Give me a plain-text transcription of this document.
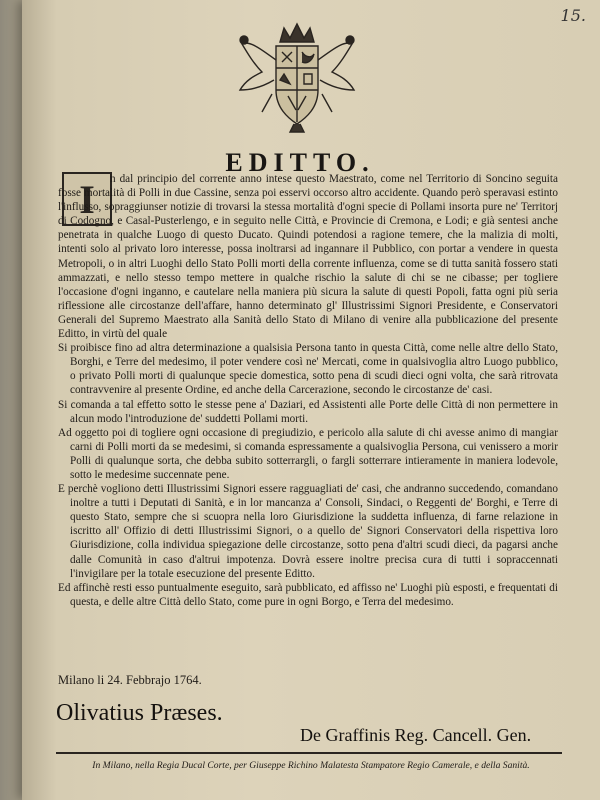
15.
EDITTO.
I	n dal principio del corrente anno intese questo Maestrato, come nel Territorio di Soncino seguita fosse mortalità di Polli in due Cassine, senza poi esservi occorso altro accidente. Quando però speravasi estinto l'influsso, sopraggiunser notizie di trovarsi la stessa mortalità d'ogni specie di Pollami insorta pure ne' Territorj di Codogno, e Casal-Pusterlengo, e in seguito nelle Città, e Provincie di Cremona, e Lodi; e già sentesi anche penetrata in qualche Luogo di questo Ducato. Quindi potendosi a ragione temere, che la malizia di molti, intenti solo al privato loro interesse, possa inoltrarsi ad ingannare il Pubblico, con portar a vendere in questa Metropoli, o in altri Luoghi dello Stato Polli morti della corrente influenza, come se di tutta sanità fossero stati ammazzati, e nello stesso tempo mettere in qualche rischio la salute di chi se ne cibasse; per togliere l'occasione d'ogni inganno, e cautelare nella maniera più sicura la salute di questi Popoli, fatta ogni più seria riflessione alle circostanze dell'affare, hanno determinato gl' Illustrissimi Signori Presidente, e Conservatori Generali del Supremo Maestrato alla Sanità dello Stato di Milano di venire alla pubblicazione del presente Editto, in virtù del quale

Si proibisce fino ad altra determinazione a qualsisia Persona tanto in questa Città, come nelle altre dello Stato, Borghi, e Terre del medesimo, il poter vendere così ne' Mercati, come in qualsivoglia altro Luogo pubblico, o privato Polli morti di qualunque specie domestica, sotto pena di scudi dieci ogni volta, che sarà ritrovata contravvenire al presente Ordine, ed anche della Carcerazione, secondo le circostanze de' casi.

Si comanda a tal effetto sotto le stesse pene a' Daziari, ed Assistenti alle Porte delle Città di non permettere in alcun modo l'introduzione de' suddetti Pollami morti.

Ad oggetto poi di togliere ogni occasione di pregiudizio, e pericolo alla salute di chi avesse animo di mangiar carni di Polli morti da se medesimi, si comanda espressamente a qualsivoglia Persona, cui venissero a morir Polli di qualunque sorta, che debba subito sotterrargli, o fargli sotterrare intieramente in maniera lodevole, sotto le medesime succennate pene.

E perchè vogliono detti Illustrissimi Signori essere ragguagliati de' casi, che andranno succedendo, comandano inoltre a tutti i Deputati di Sanità, e in lor mancanza a' Consoli, Sindaci, o Reggenti de' Borghi, e Terre di questo Stato, sempre che si scuopra nella loro Giurisdizione la suddetta influenza, di farne relazione in iscritto all' Offizio di detti Illustrissimi Signori, o a quello de' Signori Conservatori della rispettiva loro Giurisdizione, colla individua spiegazione delle circostanze, sotto pena d'altri scudi dieci, da pagarsi anche dalle Comunità in caso d'altrui impotenza. Dovrà essere inoltre precisa cura di tutti i sopraccennati l'invigilare per la totale esecuzione del presente Editto.

Ed affinchè resti esso puntualmente eseguito, sarà pubblicato, ed affisso ne' Luoghi più esposti, e frequentati di questa, e delle altre Città dello Stato, come pure in ogni Borgo, e Terra del medesimo.

Milano li 24. Febbrajo 1764.
Olivatius Præses.
De Graffinis Reg. Cancell. Gen.
In Milano, nella Regia Ducal Corte, per Giuseppe Richino Malatesta Stampatore Regio Camerale, e della Sanità.
